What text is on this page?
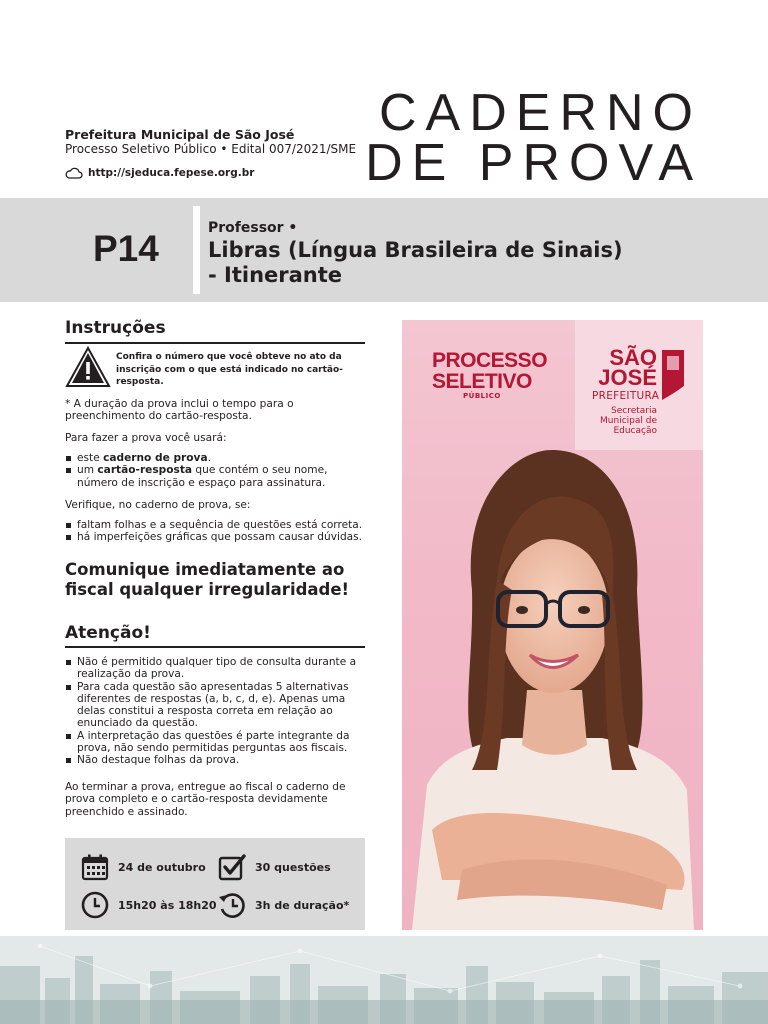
Prefeitura Municipal de São José
Processo Seletivo Público • Edital 007/2021/SME
http://sjeduca.fepese.org.br
CADERNO
DE PROVA
P14	Professor •
Libras (Língua Brasileira de Sinais)
- Itinerante
Instruções
Confira o número que você obteve no ato da inscrição com o que está indicado no cartão-resposta.
* A duração da prova inclui o tempo para o preenchimento do cartão-resposta.
Para fazer a prova você usará:
este caderno de prova.
um cartão-resposta que contém o seu nome, número de inscrição e espaço para assinatura.
Verifique, no caderno de prova, se:
faltam folhas e a sequência de questões está correta.
há imperfeições gráficas que possam causar dúvidas.
Comunique imediatamente ao fiscal qualquer irregularidade!
Atenção!
Não é permitido qualquer tipo de consulta durante a realização da prova.
Para cada questão são apresentadas 5 alternativas diferentes de respostas (a, b, c, d, e). Apenas uma delas constitui a resposta correta em relação ao enunciado da questão.
A interpretação das questões é parte integrante da prova, não sendo permitidas perguntas aos fiscais.
Não destaque folhas da prova.
Ao terminar a prova, entregue ao fiscal o caderno de prova completo e o cartão-resposta devidamente preenchido e assinado.
24 de outubro	30 questões
15h20 às 18h20	3h de duração*
PROCESSO
SELETIVO
PÚBLICO
SÃO
JOSÉ
PREFEITURA
Secretaria Municipal de Educação
